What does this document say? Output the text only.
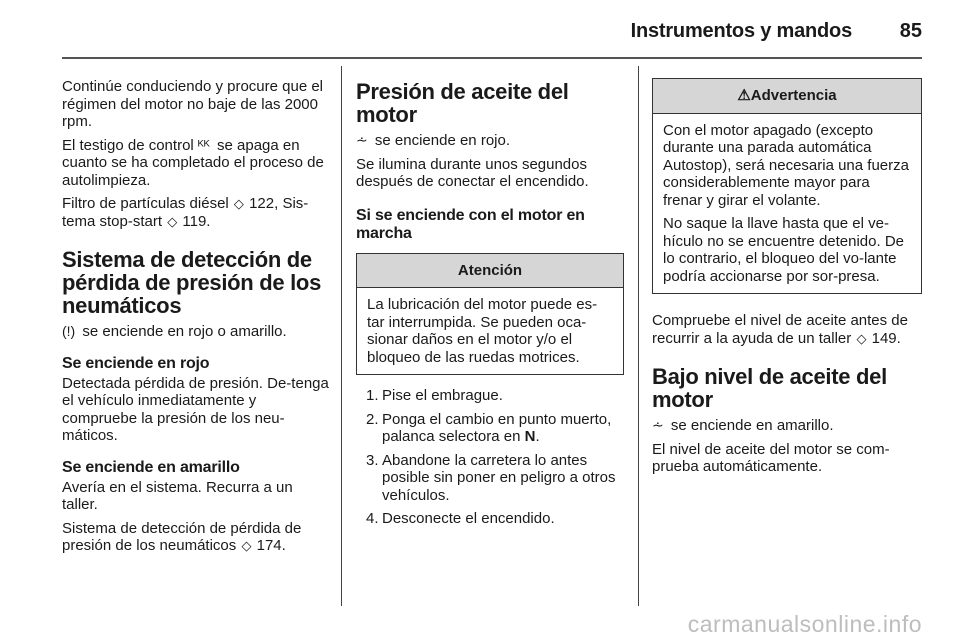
Instrumentos y mandos 85

Continúe conduciendo y procure que el régimen del motor no baje de las 2000 rpm.

El testigo de control ᴷᴷ se apaga en cuanto se ha completado el proceso de autolimpieza.

Filtro de partículas diésel ◇ 122, Sis-tema stop-start ◇ 119.

Sistema de detección de pérdida de presión de los neumáticos

(!) se enciende en rojo o amarillo.

Se enciende en rojo

Detectada pérdida de presión. De-tenga el vehículo inmediatamente y compruebe la presión de los neu-máticos.

Se enciende en amarillo

Avería en el sistema. Recurra a un taller.

Sistema de detección de pérdida de presión de los neumáticos ◇ 174.

Presión de aceite del motor

⩪ se enciende en rojo.

Se ilumina durante unos segundos después de conectar el encendido.

Si se enciende con el motor en marcha
Atención

La lubricación del motor puede es-tar interrumpida. Se pueden oca-sionar daños en el motor y/o el bloqueo de las ruedas motrices.

1. Pise el embrague.
2. Ponga el cambio en punto muerto, palanca selectora en N.
3. Abandone la carretera lo antes posible sin poner en peligro a otros vehículos.
4. Desconecte el encendido.
⚠Advertencia

Con el motor apagado (excepto durante una parada automática Autostop), será necesaria una fuerza considerablemente mayor para frenar y girar el volante.

No saque la llave hasta que el ve-hículo no se encuentre detenido. De lo contrario, el bloqueo del vo-lante podría accionarse por sor-presa.

Compruebe el nivel de aceite antes de recurrir a la ayuda de un taller ◇ 149.

Bajo nivel de aceite del motor

⩪ se enciende en amarillo.

El nivel de aceite del motor se com-prueba automáticamente.

carmanualsonline.info
